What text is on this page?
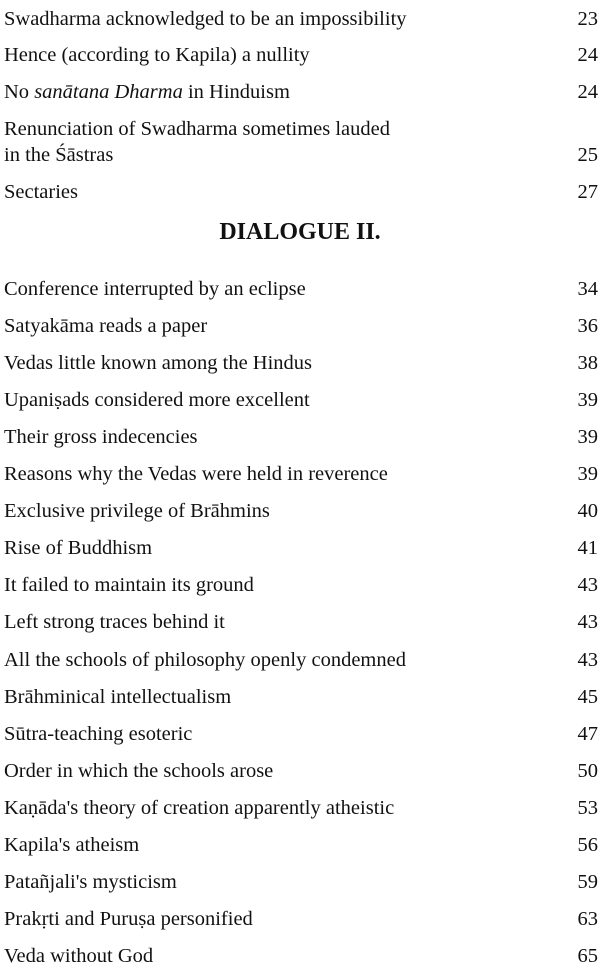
Swadharma acknowledged to be an impossibility	23
Hence (according to Kapila) a nullity	24
No sanātana Dharma in Hinduism	24
Renunciation of Swadharma sometimes lauded
in the Śāstras	25
Sectaries	27
DIALOGUE II.
Conference interrupted by an eclipse	34
Satyakāma reads a paper	36
Vedas little known among the Hindus	38
Upaniṣads considered more excellent	39
Their gross indecencies	39
Reasons why the Vedas were held in reverence	39
Exclusive privilege of Brāhmins	40
Rise of Buddhism	41
It failed to maintain its ground	43
Left strong traces behind it	43
All the schools of philosophy openly condemned	43
Brāhminical intellectualism	45
Sūtra-teaching esoteric	47
Order in which the schools arose	50
Kaṇāda's theory of creation apparently atheistic	53
Kapila's atheism	56
Patañjali's mysticism	59
Prakṛti and Puruṣa personified	63
Veda without God	65
